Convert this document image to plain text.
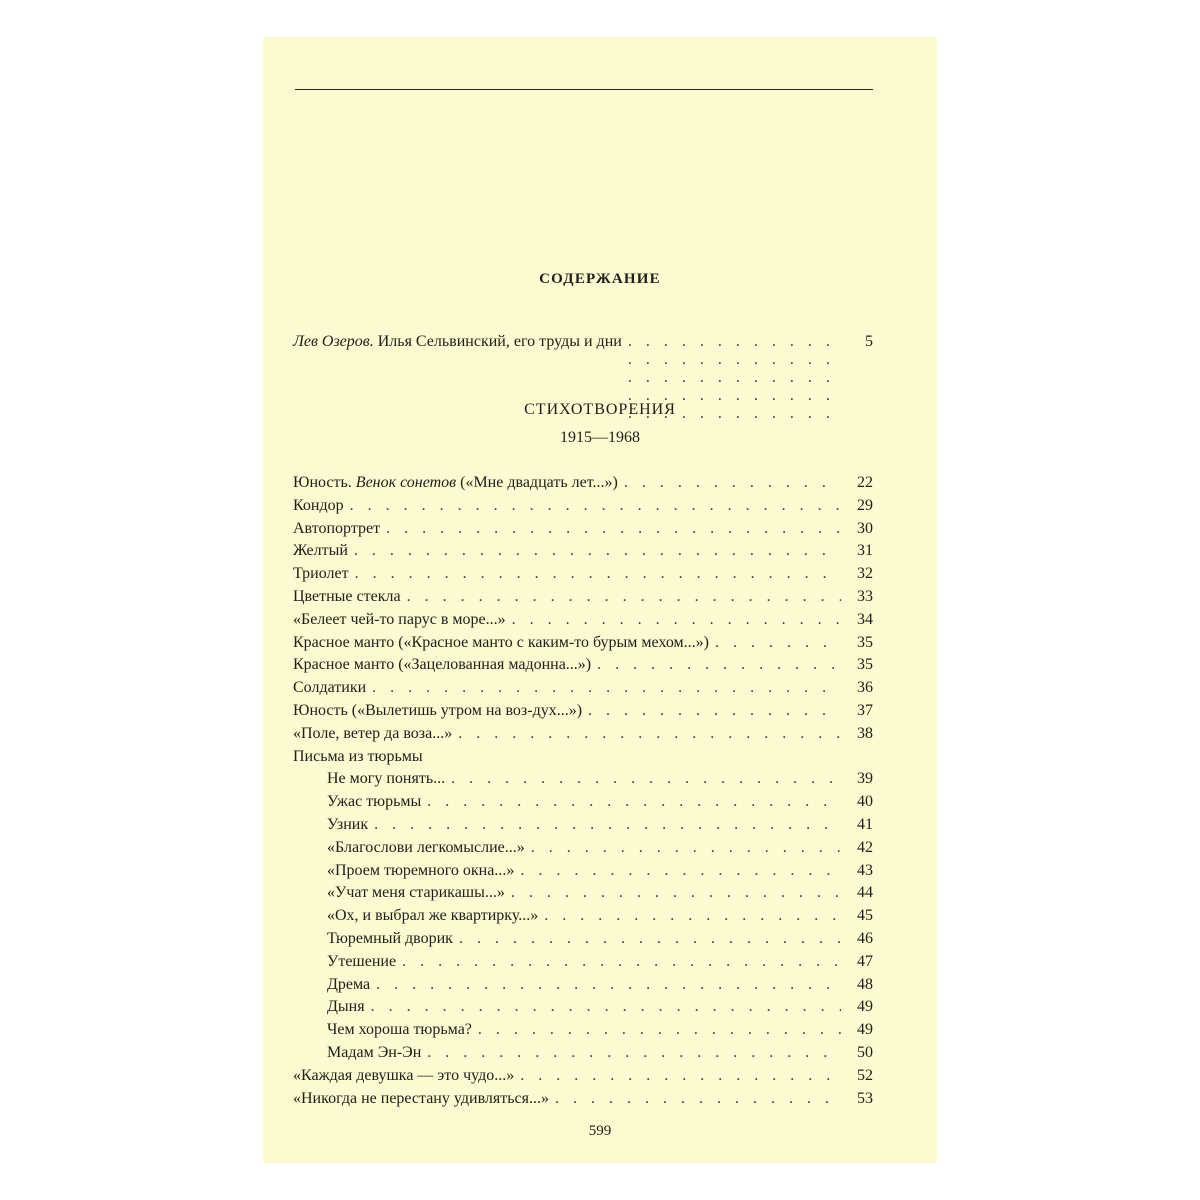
СОДЕРЖАНИЕ
Лев Озеров. Илья Сельвинский, его труды и дни . . .	5
СТИХОТВОРЕНИЯ
1915—1968
Юность. Венок сонетов («Мне двадцать лет...») . . .	22
Кондор . . .	29
Автопортрет . . .	30
Желтый . . .	31
Триолет . . .	32
Цветные стекла . . .	33
«Белеет чей-то парус в море...» . . .	34
Красное манто («Красное манто с каким-то бурым мехом...») . . .	35
Красное манто («Зацелованная мадонна...») . . .	35
Солдатики . . .	36
Юность («Вылетишь утром на воз-дух...») . . .	37
«Поле, ветер да воза...» . . .	38
Письма из тюрьмы
Не могу понять... . . .	39
Ужас тюрьмы . . .	40
Узник . . .	41
«Благослови легкомыслие...» . . .	42
«Проем тюремного окна...» . . .	43
«Учат меня старикашы...» . . .	44
«Ох, и выбрал же квартирку...» . . .	45
Тюремный дворик . . .	46
Утешение . . .	47
Дрема . . .	48
Дыня . . .	49
Чем хороша тюрьма? . . .	49
Мадам Эн-Эн . . .	50
«Каждая девушка — это чудо...» . . .	52
«Никогда не перестану удивляться...» . . .	53
599
